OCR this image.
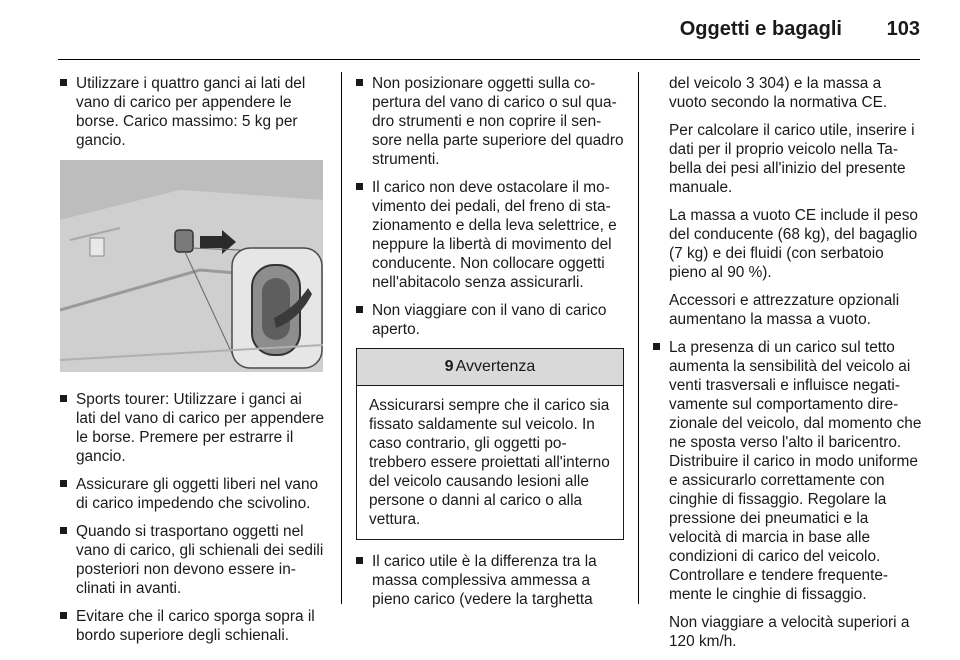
Oggetti e bagagli 103
Utilizzare i quattro ganci ai lati del vano di carico per appendere le borse. Carico massimo: 5 kg per gancio.
Sports tourer: Utilizzare i ganci ai lati del vano di carico per appendere le borse. Premere per estrarre il gancio.
Assicurare gli oggetti liberi nel vano di carico impedendo che scivolino.
Quando si trasportano oggetti nel vano di carico, gli schienali dei sedili posteriori non devono essere inclinati in avanti.
Evitare che il carico sporga sopra il bordo superiore degli schienali.
Non posizionare oggetti sulla copertura del vano di carico o sul quadro strumenti e non coprire il sensore nella parte superiore del quadro strumenti.
Il carico non deve ostacolare il movimento dei pedali, del freno di stazionamento e della leva selettrice, e neppure la libertà di movimento del conducente. Non collocare oggetti nell'abitacolo senza assicurarli.
Non viaggiare con il vano di carico aperto.
9 Avvertenza
Assicurarsi sempre che il carico sia fissato saldamente sul veicolo. In caso contrario, gli oggetti potrebbero essere proiettati all'interno del veicolo causando lesioni alle persone o danni al carico o alla vettura.
Il carico utile è la differenza tra la massa complessiva ammessa a pieno carico (vedere la targhetta
del veicolo 3 304) e la massa a vuoto secondo la normativa CE.
Per calcolare il carico utile, inserire i dati per il proprio veicolo nella Tabella dei pesi all'inizio del presente manuale.
La massa a vuoto CE include il peso del conducente (68 kg), del bagaglio (7 kg) e dei fluidi (con serbatoio pieno al 90 %).
Accessori e attrezzature opzionali aumentano la massa a vuoto.
La presenza di un carico sul tetto aumenta la sensibilità del veicolo ai venti trasversali e influisce negativamente sul comportamento direzionale del veicolo, dal momento che ne sposta verso l'alto il baricentro. Distribuire il carico in modo uniforme e assicurarlo correttamente con cinghie di fissaggio. Regolare la pressione dei pneumatici e la velocità di marcia in base alle condizioni di carico del veicolo. Controllare e tendere frequentemente le cinghie di fissaggio.
Non viaggiare a velocità superiori a 120 km/h.
